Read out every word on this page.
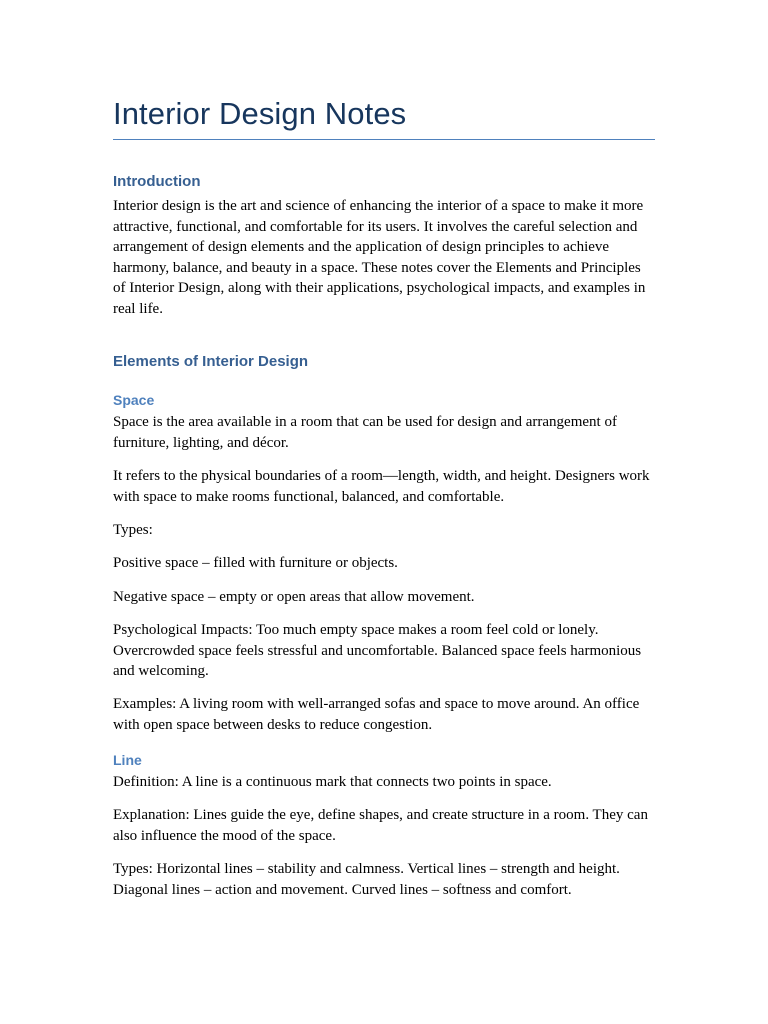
Interior Design Notes
Introduction

Interior design is the art and science of enhancing the interior of a space to make it more attractive, functional, and comfortable for its users. It involves the careful selection and arrangement of design elements and the application of design principles to achieve harmony, balance, and beauty in a space. These notes cover the Elements and Principles of Interior Design, along with their applications, psychological impacts, and examples in real life.

Elements of Interior Design
Space

Space is the area available in a room that can be used for design and arrangement of furniture, lighting, and décor.

It refers to the physical boundaries of a room—length, width, and height. Designers work with space to make rooms functional, balanced, and comfortable.

Types:

Positive space – filled with furniture or objects.

Negative space – empty or open areas that allow movement.

Psychological Impacts: Too much empty space makes a room feel cold or lonely. Overcrowded space feels stressful and uncomfortable. Balanced space feels harmonious and welcoming.

Examples: A living room with well-arranged sofas and space to move around. An office with open space between desks to reduce congestion.

Line

Definition: A line is a continuous mark that connects two points in space.

Explanation: Lines guide the eye, define shapes, and create structure in a room. They can also influence the mood of the space.

Types: Horizontal lines – stability and calmness. Vertical lines – strength and height. Diagonal lines – action and movement. Curved lines – softness and comfort.
